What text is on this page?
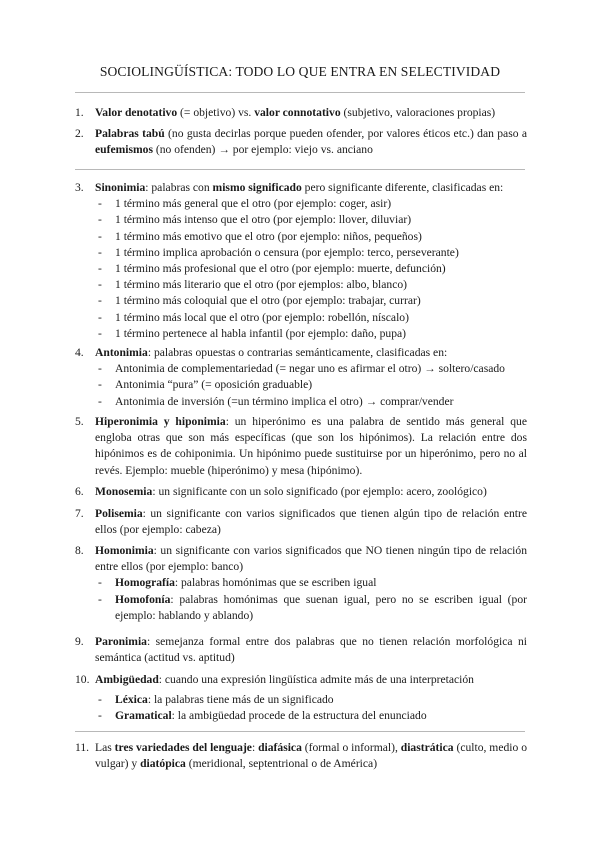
SOCIOLINGÜÍSTICA: TODO LO QUE ENTRA EN SELECTIVIDAD
1. Valor denotativo (= objetivo) vs. valor connotativo (subjetivo, valoraciones propias)
2. Palabras tabú (no gusta decirlas porque pueden ofender, por valores éticos etc.) dan paso a eufemismos (no ofenden) → por ejemplo: viejo vs. anciano
3. Sinonimia: palabras con mismo significado pero significante diferente, clasificadas en:
- 1 término más general que el otro (por ejemplo: coger, asir)
- 1 término más intenso que el otro (por ejemplo: llover, diluviar)
- 1 término más emotivo que el otro (por ejemplo: niños, pequeños)
- 1 término implica aprobación o censura (por ejemplo: terco, perseverante)
- 1 término más profesional que el otro (por ejemplo: muerte, defunción)
- 1 término más literario que el otro (por ejemplos: albo, blanco)
- 1 término más coloquial que el otro (por ejemplo: trabajar, currar)
- 1 término más local que el otro (por ejemplo: robellón, níscalo)
- 1 término pertenece al habla infantil (por ejemplo: daño, pupa)
4. Antonimia: palabras opuestas o contrarias semánticamente, clasificadas en:
- Antonimia de complementariedad (= negar uno es afirmar el otro) → soltero/casado
- Antonimia “pura” (= oposición graduable)
- Antonimia de inversión (=un término implica el otro) → comprar/vender
5. Hiperonimia y hiponimia: un hiperónimo es una palabra de sentido más general que engloba otras que son más específicas (que son los hipónimos). La relación entre dos hipónimos es de cohiponimia. Un hipónimo puede sustituirse por un hiperónimo, pero no al revés. Ejemplo: mueble (hiperónimo) y mesa (hipónimo).
6. Monosemia: un significante con un solo significado (por ejemplo: acero, zoológico)
7. Polisemia: un significante con varios significados que tienen algún tipo de relación entre ellos (por ejemplo: cabeza)
8. Homonimia: un significante con varios significados que NO tienen ningún tipo de relación entre ellos (por ejemplo: banco)
- Homografía: palabras homónimas que se escriben igual
- Homofonía: palabras homónimas que suenan igual, pero no se escriben igual (por ejemplo: hablando y ablando)
9. Paronimia: semejanza formal entre dos palabras que no tienen relación morfológica ni semántica (actitud vs. aptitud)
10. Ambigüedad: cuando una expresión lingüística admite más de una interpretación
- Léxica: la palabras tiene más de un significado
- Gramatical: la ambigüedad procede de la estructura del enunciado
11. Las tres variedades del lenguaje: diafásica (formal o informal), diastrática (culto, medio o vulgar) y diatópica (meridional, septentrional o de América)
